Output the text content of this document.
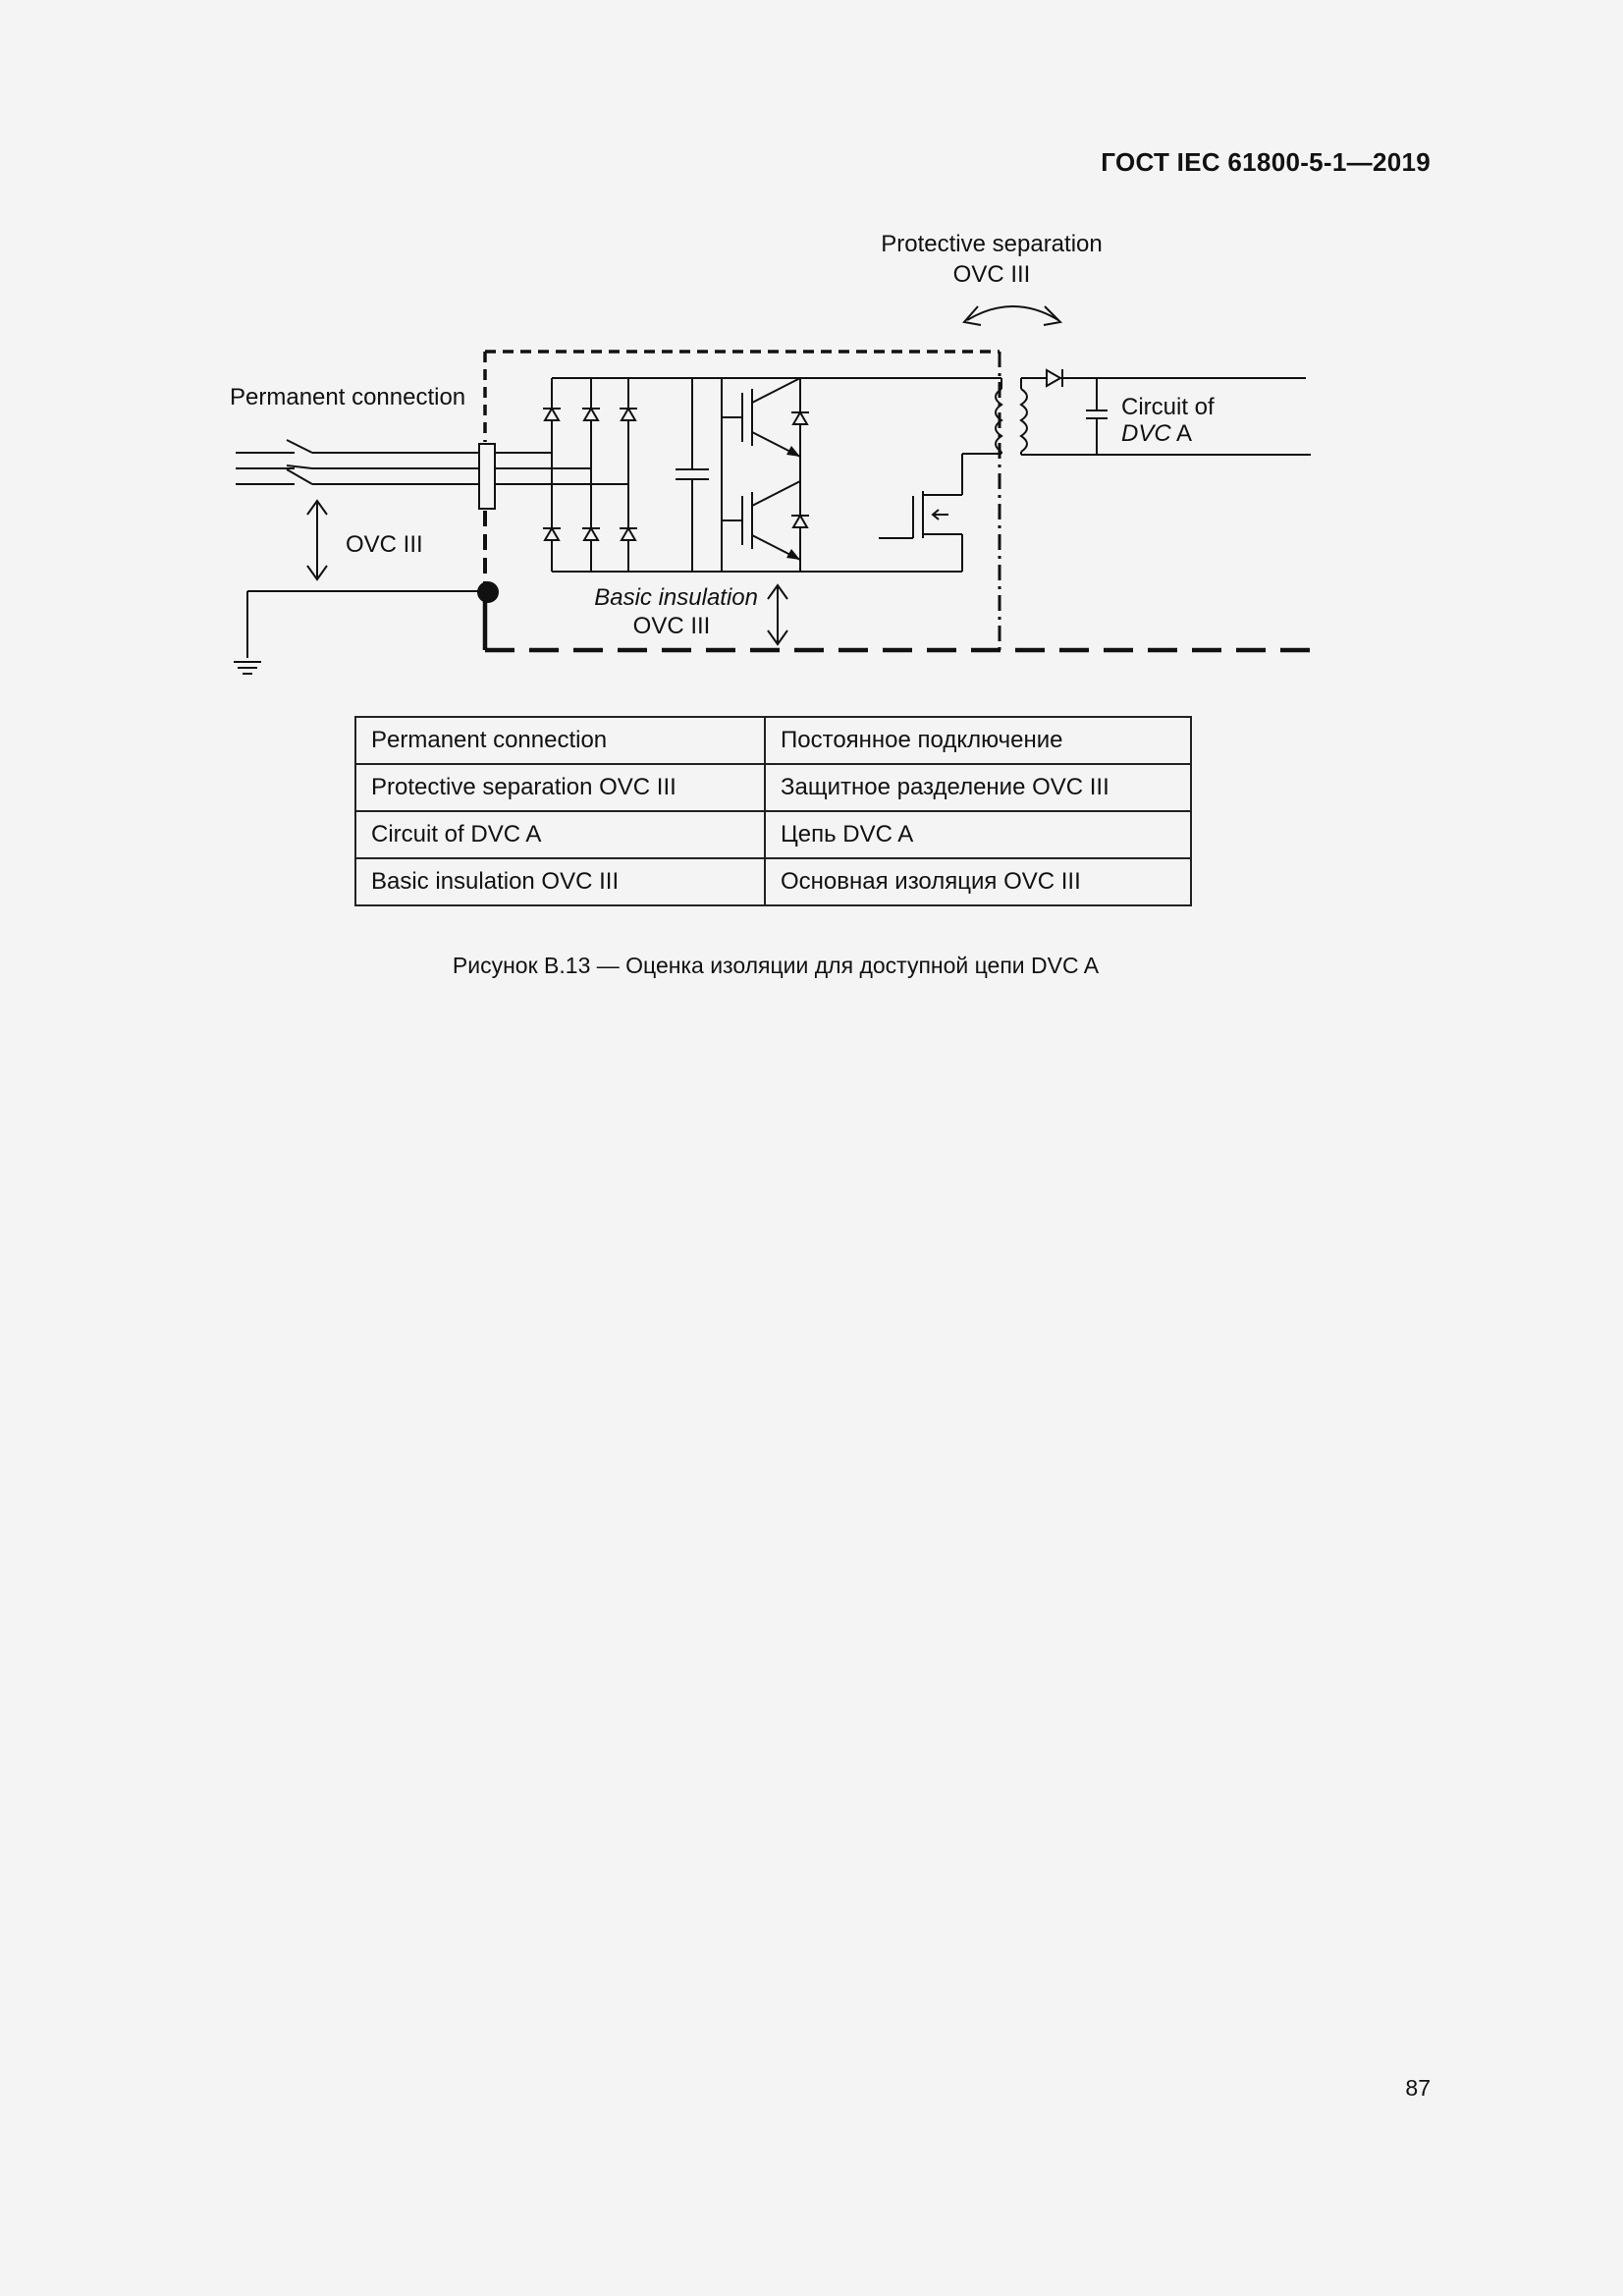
ГОСТ IEC 61800-5-1—2019
Protective separation
OVC III
Permanent connection
OVC III
Circuit of
DVC A
Basic insulation
OVC III
Permanent connection	Постоянное подключение
Protective separation OVC III	Защитное разделение OVC III
Circuit of DVC A	Цепь DVC A
Basic insulation OVC III	Основная изоляция OVC III
Рисунок B.13 — Оценка изоляции для доступной цепи DVC A
87
